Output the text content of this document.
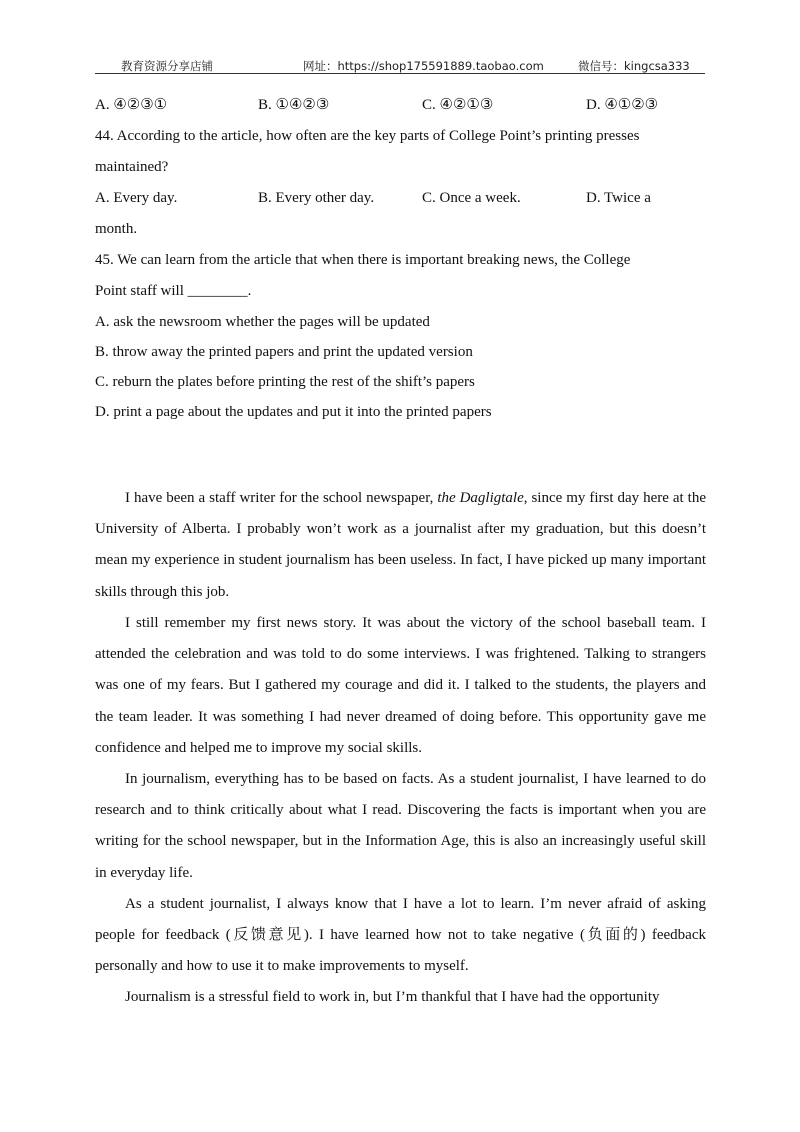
教育资源分享店铺	网址：https://shop175591889.taobao.com	微信号：kingcsa333
A. ④②③①	B. ①④②③	C. ④②①③	D. ④①②③
44. According to the article, how often are the key parts of College Point’s printing presses
maintained?
A. Every day.	B. Every other day.	C. Once a week.	D. Twice a
month.
45. We can learn from the article that when there is important breaking news, the College
Point staff will ________.
A. ask the newsroom whether the pages will be updated
B. throw away the printed papers and print the updated version
C. reburn the plates before printing the rest of the shift’s papers
D. print a page about the updates and put it into the printed papers

I have been a staff writer for the school newspaper, the Dagligtale, since my first day here at the University of Alberta. I probably won’t work as a journalist after my graduation, but this doesn’t mean my experience in student journalism has been useless. In fact, I have picked up many important skills through this job.

I still remember my first news story. It was about the victory of the school baseball team. I attended the celebration and was told to do some interviews. I was frightened. Talking to strangers was one of my fears. But I gathered my courage and did it. I talked to the students, the players and the team leader. It was something I had never dreamed of doing before. This opportunity gave me confidence and helped me to improve my social skills.

In journalism, everything has to be based on facts. As a student journalist, I have learned to do research and to think critically about what I read. Discovering the facts is important when you are writing for the school newspaper, but in the Information Age, this is also an increasingly useful skill in everyday life.

As a student journalist, I always know that I have a lot to learn. I’m never afraid of asking people for feedback (反馈意见). I have learned how not to take negative (负面的) feedback personally and how to use it to make improvements to myself.

Journalism is a stressful field to work in, but I’m thankful that I have had the opportunity
